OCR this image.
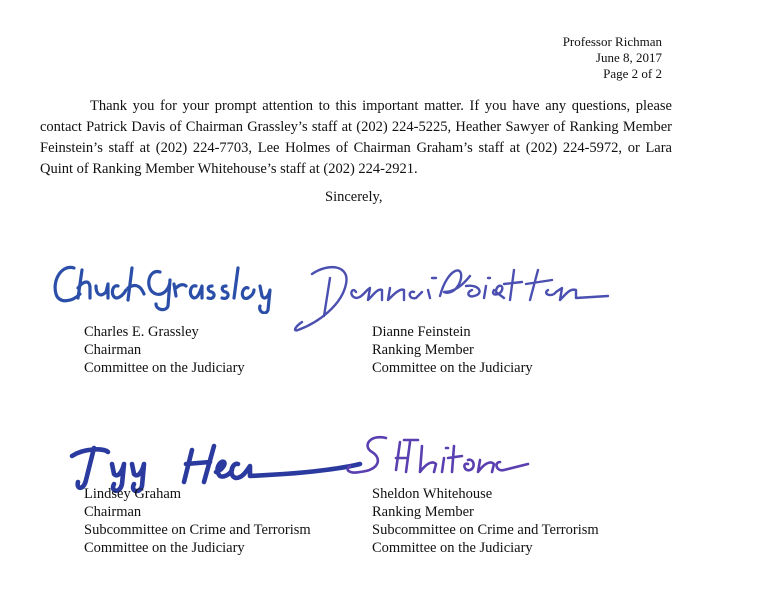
Professor Richman
June 8, 2017
Page 2 of 2

Thank you for your prompt attention to this important matter. If you have any questions, please contact Patrick Davis of Chairman Grassley’s staff at (202) 224-5225, Heather Sawyer of Ranking Member Feinstein’s staff at (202) 224-7703, Lee Holmes of Chairman Graham’s staff at (202) 224-5972, or Lara Quint of Ranking Member Whitehouse’s staff at (202) 224-2921.

Sincerely,
Charles E. Grassley
Chairman
Committee on the Judiciary
Dianne Feinstein
Ranking Member
Committee on the Judiciary
Lindsey Graham
Chairman
Subcommittee on Crime and Terrorism
Committee on the Judiciary
Sheldon Whitehouse
Ranking Member
Subcommittee on Crime and Terrorism
Committee on the Judiciary
